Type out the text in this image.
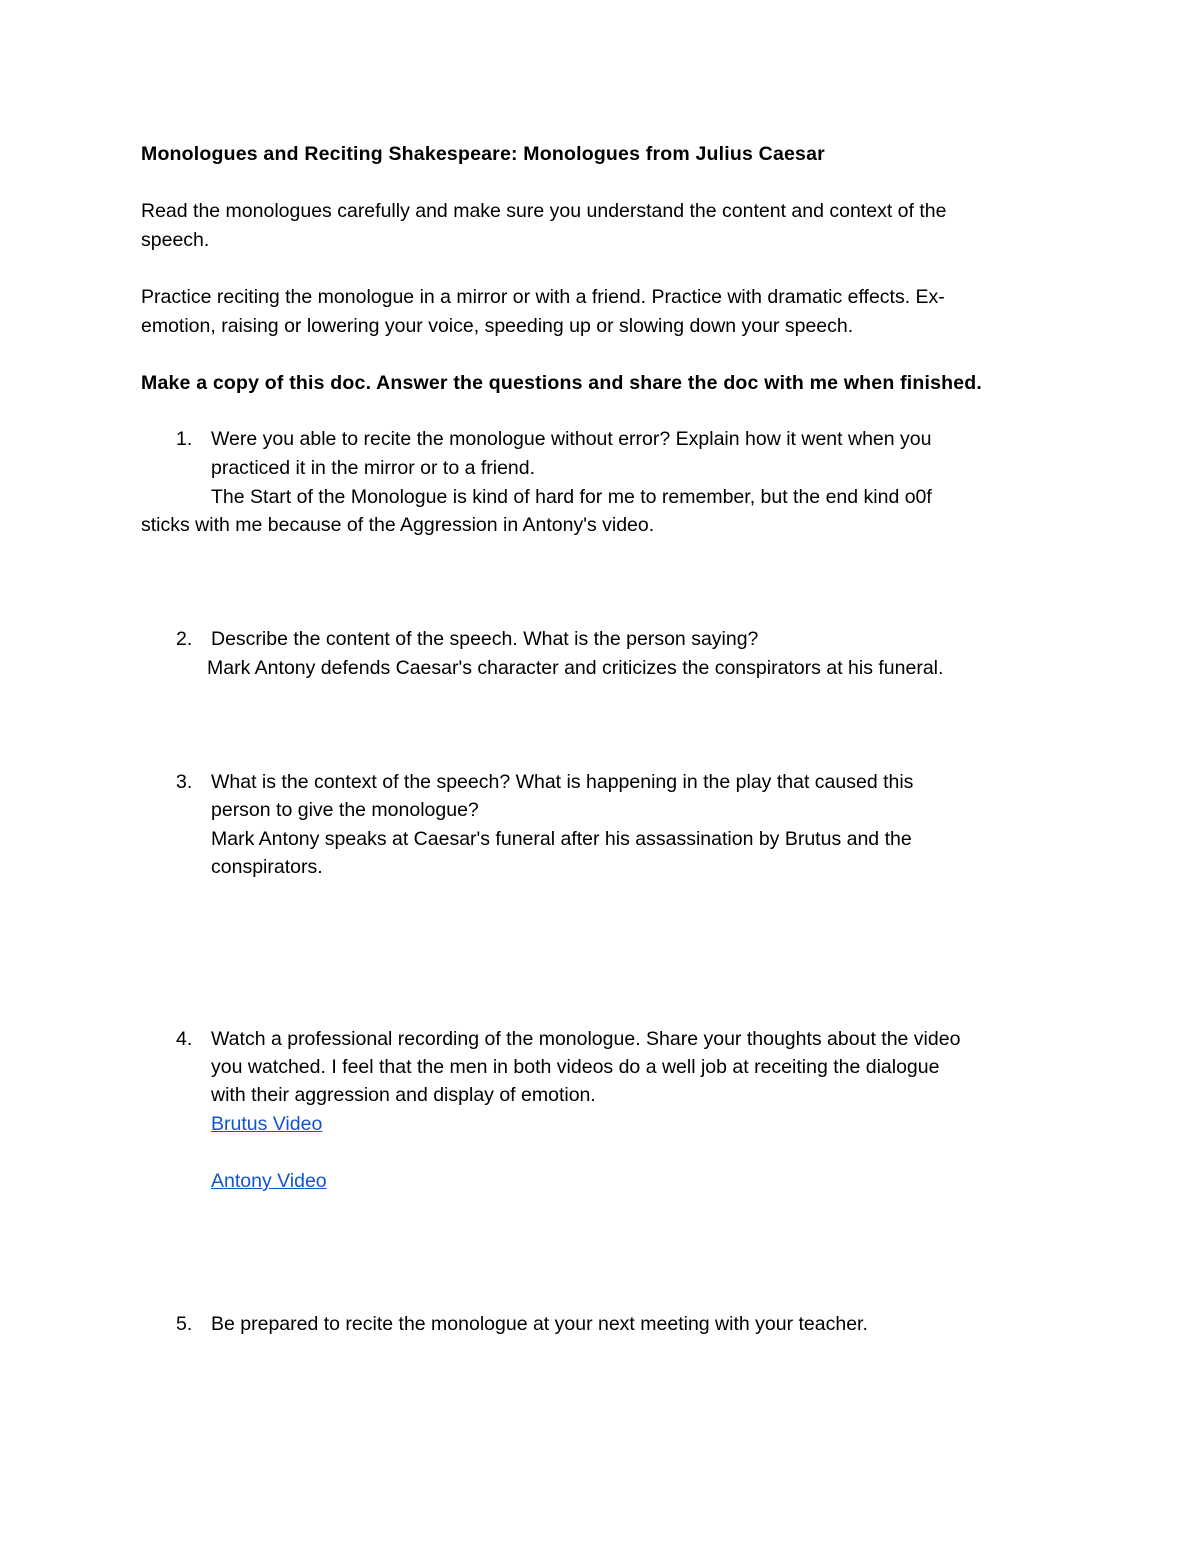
Monologues and Reciting Shakespeare: Monologues from Julius Caesar
Read the monologues carefully and make sure you understand the content and context of the
speech.
Practice reciting the monologue in a mirror or with a friend. Practice with dramatic effects. Ex-
emotion, raising or lowering your voice, speeding up or slowing down your speech.
Make a copy of this doc. Answer the questions and share the doc with me when finished.
1. Were you able to recite the monologue without error? Explain how it went when you
practiced it in the mirror or to a friend.
The Start of the Monologue is kind of hard for me to remember, but the end kind o0f
sticks with me because of the Aggression in Antony's video.
2. Describe the content of the speech. What is the person saying?
Mark Antony defends Caesar's character and criticizes the conspirators at his funeral.
3. What is the context of the speech? What is happening in the play that caused this
person to give the monologue?
Mark Antony speaks at Caesar's funeral after his assassination by Brutus and the
conspirators.
4. Watch a professional recording of the monologue. Share your thoughts about the video
you watched. I feel that the men in both videos do a well job at receiting the dialogue
with their aggression and display of emotion.
Brutus Video
Antony Video
5. Be prepared to recite the monologue at your next meeting with your teacher.
